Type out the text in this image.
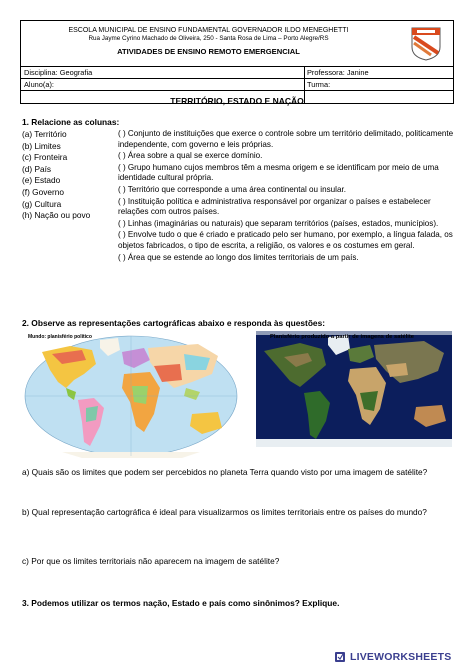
ESCOLA MUNICIPAL DE ENSINO FUNDAMENTAL GOVERNADOR ILDO MENEGHETTI
Rua Jayme Cyrino Machado de Oliveira, 250 - Santa Rosa de Lima – Porto Alegre/RS
ATIVIDADES DE ENSINO REMOTO EMERGENCIAL
Disciplina: Geografia	Professora: Janine
Aluno(a):	Turma:
TERRITÓRIO, ESTADO E NAÇÃO
1. Relacione as colunas:
(a) Território
(b) Limites
(c) Fronteira
(d) País
(e) Estado
(f) Governo
(g) Cultura
(h) Nação ou povo
( ) Conjunto de instituições que exerce o controle sobre um território delimitado, politicamente independente, com governo e leis próprias.
( ) Área sobre a qual se exerce domínio.
( ) Grupo humano cujos membros têm a mesma origem e se identificam por meio de uma identidade cultural própria.
( ) Território que corresponde a uma área continental ou insular.
( ) Instituição política e administrativa responsável por organizar o países e estabelecer relações com outros países.
( ) Linhas (imaginárias ou naturais) que separam territórios (países, estados, municípios).
( ) Envolve tudo o que é criado e praticado pelo ser humano, por exemplo, a língua falada, os objetos fabricados, o tipo de escrita, a religião, os valores e os costumes em geral.
( ) Área que se estende ao longo dos limites territoriais de um país.
2. Observe as representações cartográficas abaixo e responda às questões:
Mundo: planisfério político	Planisfério produzido a partir de imagens de satélite
a) Quais são os limites que podem ser percebidos no planeta Terra quando visto por uma imagem de satélite?
b) Qual representação cartográfica é ideal para visualizarmos os limites territoriais entre os países do mundo?
c) Por que os limites territoriais não aparecem na imagem de satélite?
3. Podemos utilizar os termos nação, Estado e país como sinônimos? Explique.
LIVEWORKSHEETS
